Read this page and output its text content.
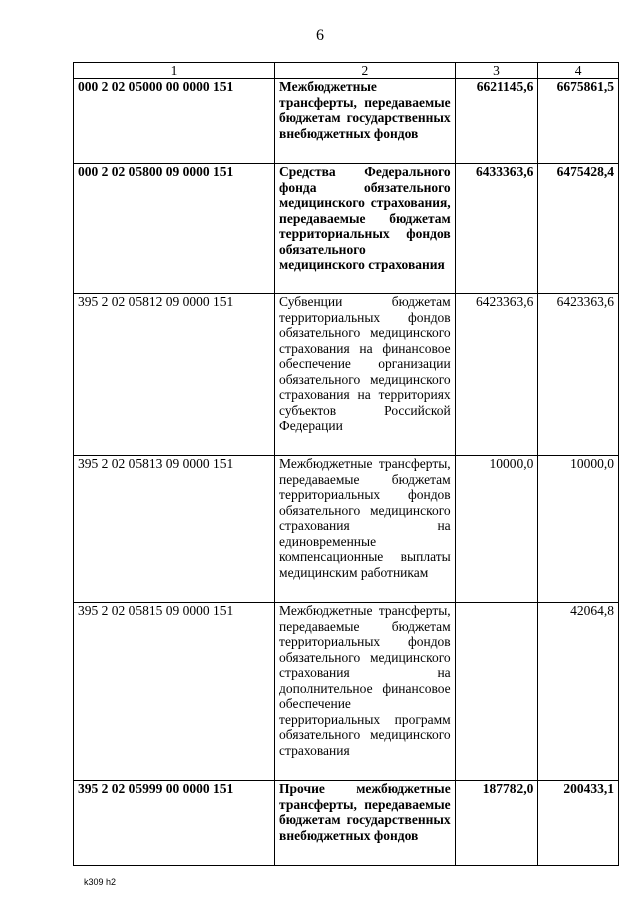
6
1	2	3	4
000 2 02 05000 00 0000 151	Межбюджетные трансферты, передаваемые бюджетам государственных внебюджетных фондов	6621145,6	6675861,5
000 2 02 05800 09 0000 151	Средства Федерального фонда обязательного медицинского страхования, передаваемые бюджетам территориальных фондов обязательного медицинского страхования	6433363,6	6475428,4
395 2 02 05812 09 0000 151	Субвенции бюджетам территориальных фондов обязательного медицинского страхования на финансовое обеспечение организации обязательного медицинского страхования на территориях субъектов Российской Федерации	6423363,6	6423363,6
395 2 02 05813 09 0000 151	Межбюджетные трансферты, передаваемые бюджетам территориальных фондов обязательного медицинского страхования на единовременные компенсационные выплаты медицинским работникам	10000,0	10000,0
395 2 02 05815 09 0000 151	Межбюджетные трансферты, передаваемые бюджетам территориальных фондов обязательного медицинского страхования на дополнительное финансовое обеспечение территориальных программ обязательного медицинского страхования		42064,8
395 2 02 05999 00 0000 151	Прочие межбюджетные трансферты, передаваемые бюджетам государственных внебюджетных фондов	187782,0	200433,1
k309 h2
